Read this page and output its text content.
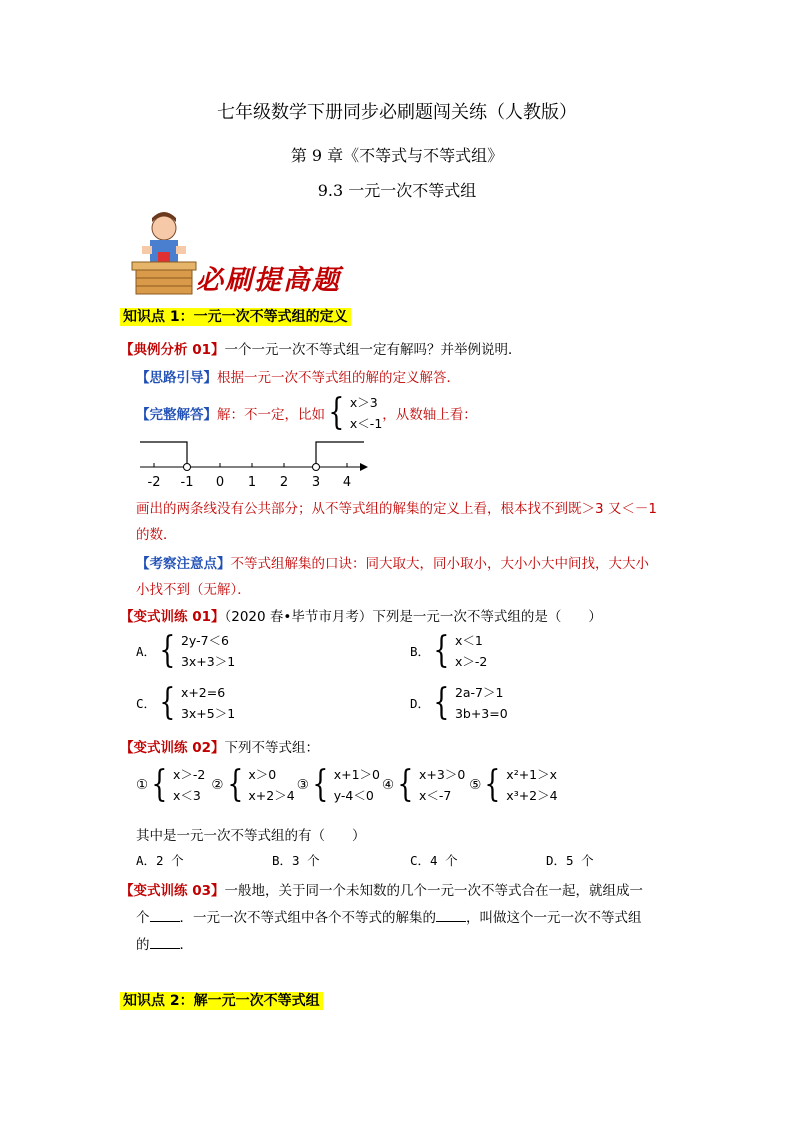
七年级数学下册同步必刷题闯关练（人教版）
第 9 章《不等式与不等式组》
9.3 一元一次不等式组
必刷提高题
知识点 1：一元一次不等式组的定义
【典例分析 01】一个一元一次不等式组一定有解吗？并举例说明．
【思路引导】根据一元一次不等式组的解的定义解答．
【完整解答】解：不一定，比如 { x＞3
x＜-1
，从数轴上看：
-2 -1 0 1 2 3 4
画出的两条线没有公共部分；从不等式组的解集的定义上看，根本找不到既＞3 又＜－1
的数．
【考察注意点】不等式组解集的口诀：同大取大，同小取小，大小小大中间找，大大小
小找不到（无解）．
【变式训练 01】（2020 春•毕节市月考）下列是一元一次不等式组的是（　　）
A． { 2y-7＜6
3x+3＞1
B． { x＜1
x＞-2
C． { x+2=6
3x+5＞1
D． { 2a-7＞1
3b+3=0
【变式训练 02】下列不等式组：
① { x＞-2
x＜3
② { x＞0
x+2＞4
③ { x+1＞0
y-4＜0
④ { x+3＞0
x＜-7
⑤ { x²+1＞x
x³+2＞4
其中是一元一次不等式组的有（　　）
A．2 个	B．3 个	C．4 个	D．5 个
【变式训练 03】一般地，关于同一个未知数的几个一元一次不等式合在一起，就组成一
个 ．一元一次不等式组中各个不等式的解集的 ，叫做这个一元一次不等式组
的 ．
知识点 2：解一元一次不等式组
